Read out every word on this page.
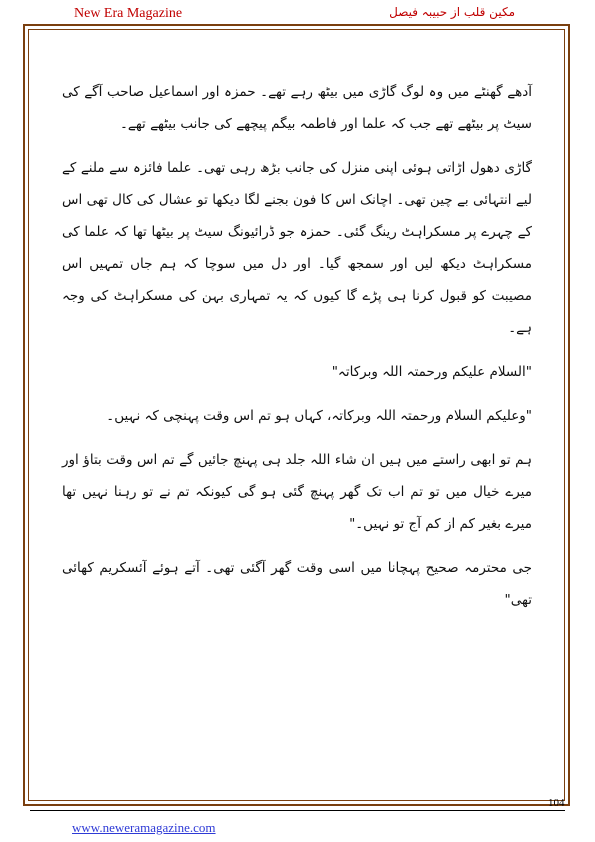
New Era Magazine	مکین قلب از حبیبہ فیصل

آدھے گھنٹے میں وہ لوگ گاڑی میں بیٹھ رہے تھے۔ حمزہ اور اسماعیل صاحب آگے کی سیٹ پر بیٹھے تھے جب کہ علما اور فاطمہ بیگم پیچھے کی جانب بیٹھے تھے۔

گاڑی دھول اڑاتی ہوئی اپنی منزل کی جانب بڑھ رہی تھی۔ علما فائزہ سے ملنے کے لیے انتہائی بے چین تھی۔ اچانک اس کا فون بجنے لگا دیکھا تو عشال کی کال تھی اس کے چہرے پر مسکراہٹ رینگ گئی۔ حمزہ جو ڈرائیونگ سیٹ پر بیٹھا تھا کہ علما کی مسکراہٹ دیکھ لیں اور سمجھ گیا۔ اور دل میں سوچا کہ ہم جاں تمہیں اس مصیبت کو قبول کرنا ہی پڑے گا کیوں کہ یہ تمہاری بہن کی مسکراہٹ کی وجہ ہے۔

"السلام علیکم ورحمتہ اللہ وبرکاتہ"

"وعلیکم السلام ورحمتہ اللہ وبرکاتہ، کہاں ہو تم اس وقت پہنچی کہ نہیں۔

ہم تو ابھی راستے میں ہیں ان شاء اللہ جلد ہی پہنچ جائیں گے تم اس وقت بتاؤ اور میرے خیال میں تو تم اب تک گھر پہنچ گئی ہو گی کیونکہ تم نے تو رہنا نہیں تھا میرے بغیر کم از کم آج تو نہیں۔"

جی محترمہ صحیح پہچانا میں اسی وقت گھر آگئی تھی۔ آتے ہوئے آئسکریم کھائی تھی"

104
www.neweramagazine.com
